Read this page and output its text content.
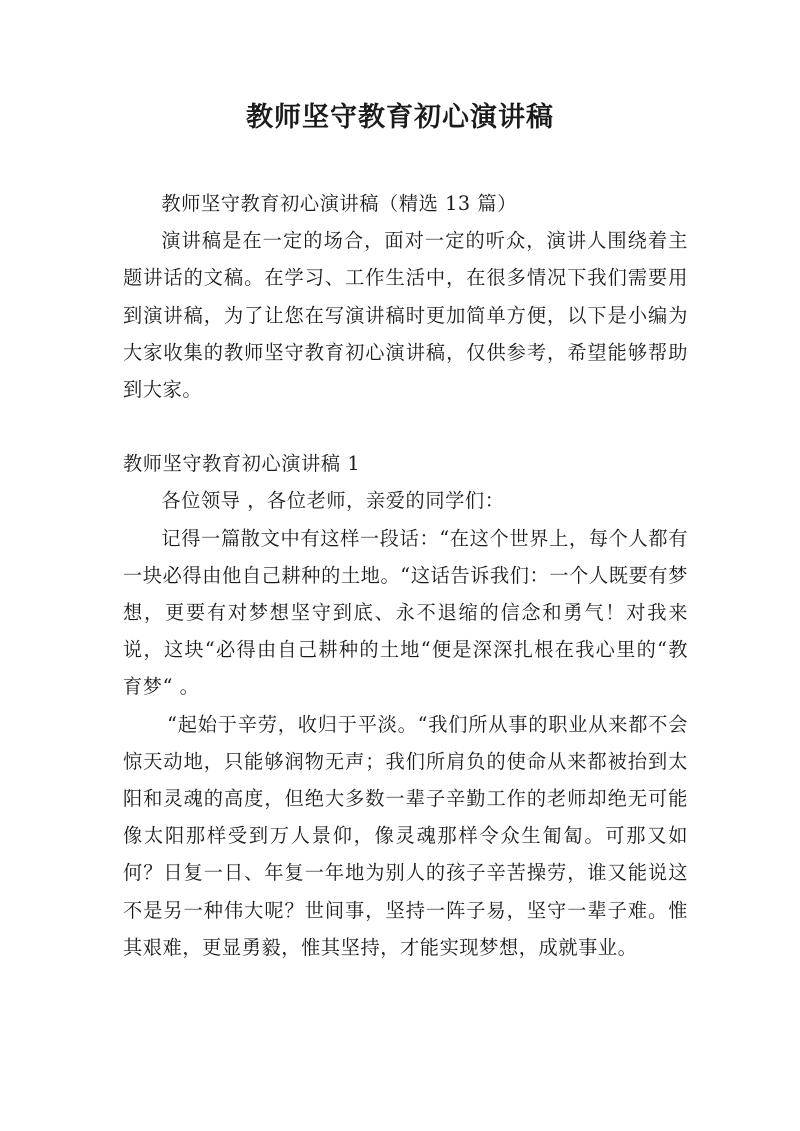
教师坚守教育初心演讲稿

教师坚守教育初心演讲稿（精选 13 篇）

演讲稿是在一定的场合，面对一定的听众，演讲人围绕着主题讲话的文稿。在学习、工作生活中，在很多情况下我们需要用到演讲稿，为了让您在写演讲稿时更加简单方便，以下是小编为大家收集的教师坚守教育初心演讲稿，仅供参考，希望能够帮助到大家。

教师坚守教育初心演讲稿 1

各位领导 ，各位老师，亲爱的同学们：

记得一篇散文中有这样一段话：“在这个世界上，每个人都有一块必得由他自己耕种的土地。“这话告诉我们：一个人既要有梦想，更要有对梦想坚守到底、永不退缩的信念和勇气！对我来说，这块“必得由自己耕种的土地“便是深深扎根在我心里的“教育梦“ 。

“起始于辛劳，收归于平淡。“我们所从事的职业从来都不会惊天动地，只能够润物无声；我们所肩负的使命从来都被抬到太阳和灵魂的高度，但绝大多数一辈子辛勤工作的老师却绝无可能像太阳那样受到万人景仰，像灵魂那样令众生匍匐。可那又如何？日复一日、年复一年地为别人的孩子辛苦操劳，谁又能说这不是另一种伟大呢？世间事，坚持一阵子易，坚守一辈子难。惟其艰难，更显勇毅，惟其坚持，才能实现梦想，成就事业。
